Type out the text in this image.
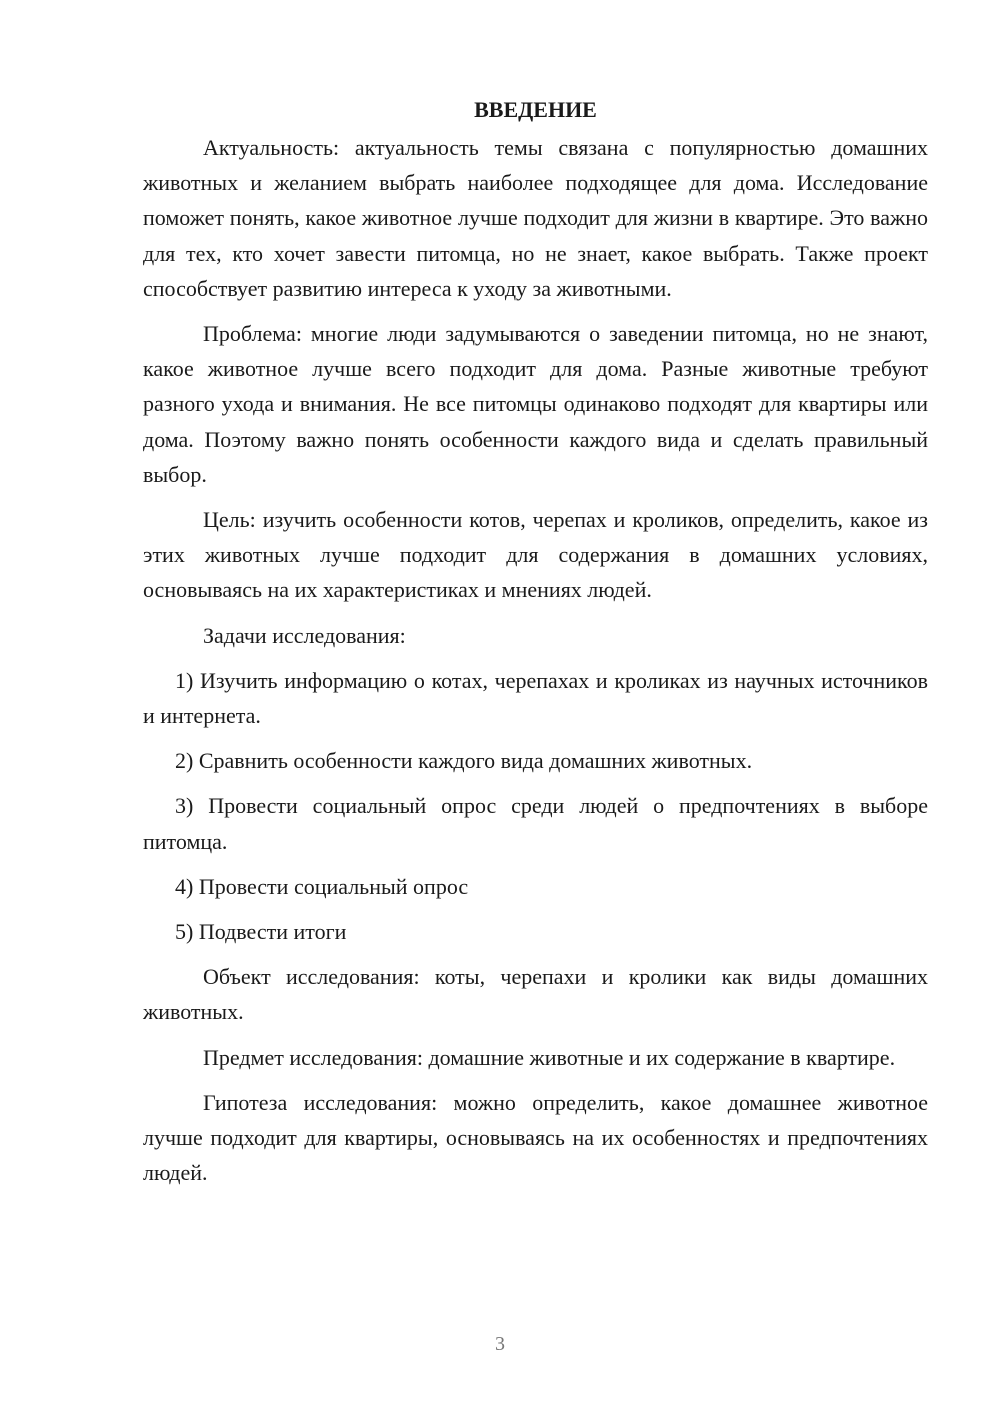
ВВЕДЕНИЕ

Актуальность: актуальность темы связана с популярностью домашних животных и желанием выбрать наиболее подходящее для дома. Исследование поможет понять, какое животное лучше подходит для жизни в квартире. Это важно для тех, кто хочет завести питомца, но не знает, какое выбрать. Также проект способствует развитию интереса к уходу за животными.

Проблема: многие люди задумываются о заведении питомца, но не знают, какое животное лучше всего подходит для дома. Разные животные требуют разного ухода и внимания. Не все питомцы одинаково подходят для квартиры или дома. Поэтому важно понять особенности каждого вида и сделать правильный выбор.

Цель: изучить особенности котов, черепах и кроликов, определить, какое из этих животных лучше подходит для содержания в домашних условиях, основываясь на их характеристиках и мнениях людей.

Задачи исследования:

1) Изучить информацию о котах, черепахах и кроликах из научных источников и интернета.

2) Сравнить особенности каждого вида домашних животных.

3) Провести социальный опрос среди людей о предпочтениях в выборе питомца.

4) Провести социальный опрос

5) Подвести итоги

Объект исследования: коты, черепахи и кролики как виды домашних животных.

Предмет исследования: домашние животные и их содержание в квартире.

Гипотеза исследования: можно определить, какое домашнее животное лучше подходит для квартиры, основываясь на их особенностях и предпочтениях людей.

3
